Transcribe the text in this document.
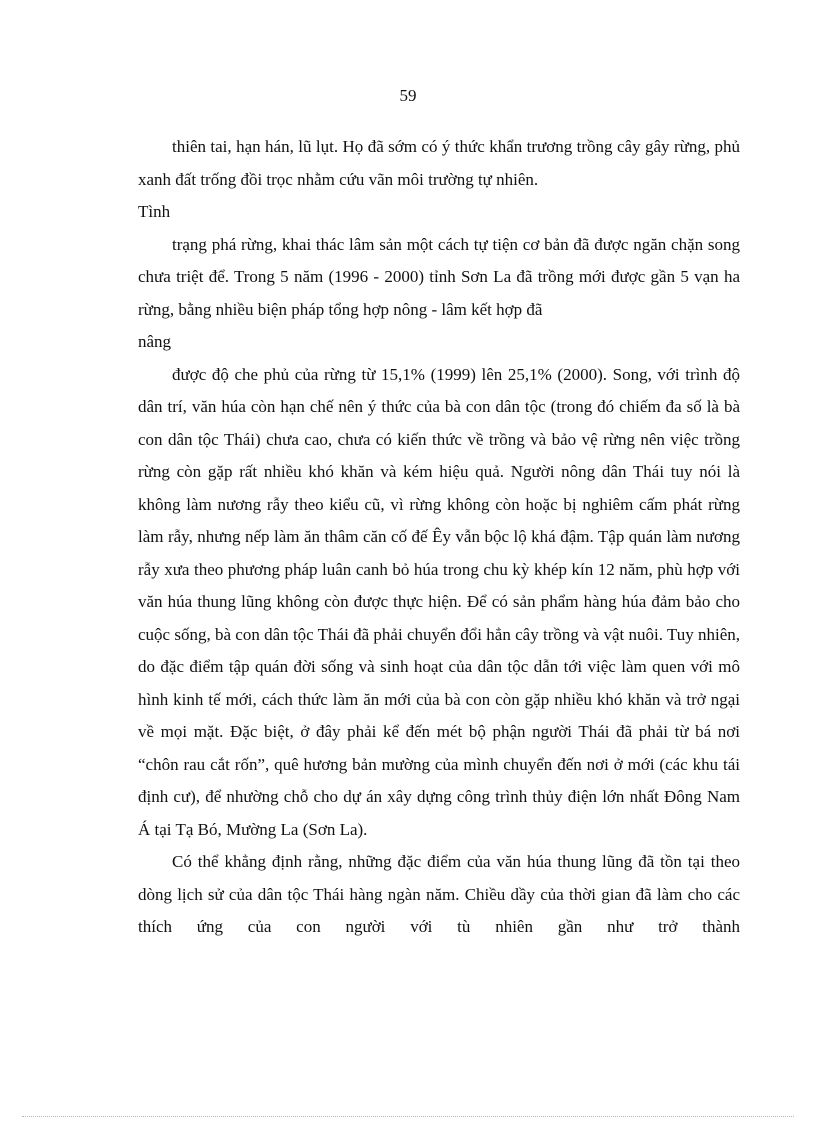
59

thiên tai, hạn hán, lũ lụt. Họ đã sớm có ý thức khẩn trương trồng cây gây rừng, phủ xanh đất trống đồi trọc nhằm cứu vãn môi trường tự nhiên.

Tình

trạng phá rừng, khai thác lâm sản một cách tự tiện cơ bản đã được ngăn chặn song chưa triệt để. Trong 5 năm (1996 - 2000) tỉnh Sơn La đã trồng mới được gần 5 vạn ha rừng, bằng nhiều biện pháp tổng hợp nông - lâm kết hợp đã

nâng

được độ che phủ của rừng từ 15,1% (1999) lên 25,1% (2000). Song, với trình độ dân trí, văn húa còn hạn chế nên ý thức của bà con dân tộc (trong đó chiếm đa số là bà con dân tộc Thái) chưa cao, chưa có kiến thức về trồng và bảo vệ rừng nên việc trồng rừng còn gặp rất nhiều khó khăn và kém hiệu quả. Người nông dân Thái tuy nói là không làm nương rẫy theo kiểu cũ, vì rừng không còn hoặc bị nghiêm cấm phát rừng làm rẫy, nhưng nếp làm ăn thâm căn cố đế Êy vẫn bộc lộ khá đậm. Tập quán làm nương rẫy xưa theo phương pháp luân canh bỏ húa trong chu kỳ khép kín 12 năm, phù hợp với văn húa thung lũng không còn được thực hiện. Để có sản phẩm hàng húa đảm bảo cho cuộc sống, bà con dân tộc Thái đã phải chuyển đổi hẳn cây trồng và vật nuôi. Tuy nhiên, do đặc điểm tập quán đời sống và sinh hoạt của dân tộc dẫn tới việc làm quen với mô hình kinh tế mới, cách thức làm ăn mới của bà con còn gặp nhiều khó khăn và trở ngại về mọi mặt. Đặc biệt, ở đây phải kể đến mét bộ phận người Thái đã phải từ bá nơi “chôn rau cắt rốn”, quê hương bản mường của mình chuyển đến nơi ở mới (các khu tái định cư), để nhường chỗ cho dự án xây dựng công trình thủy điện lớn nhất Đông Nam Á tại Tạ Bó, Mường La (Sơn La).

Có thể khẳng định rằng, những đặc điểm của văn húa thung lũng đã tồn tại theo dòng lịch sử của dân tộc Thái hàng ngàn năm. Chiều dầy của thời gian đã làm cho các thích ứng của con người với tù nhiên gần như trở thành
